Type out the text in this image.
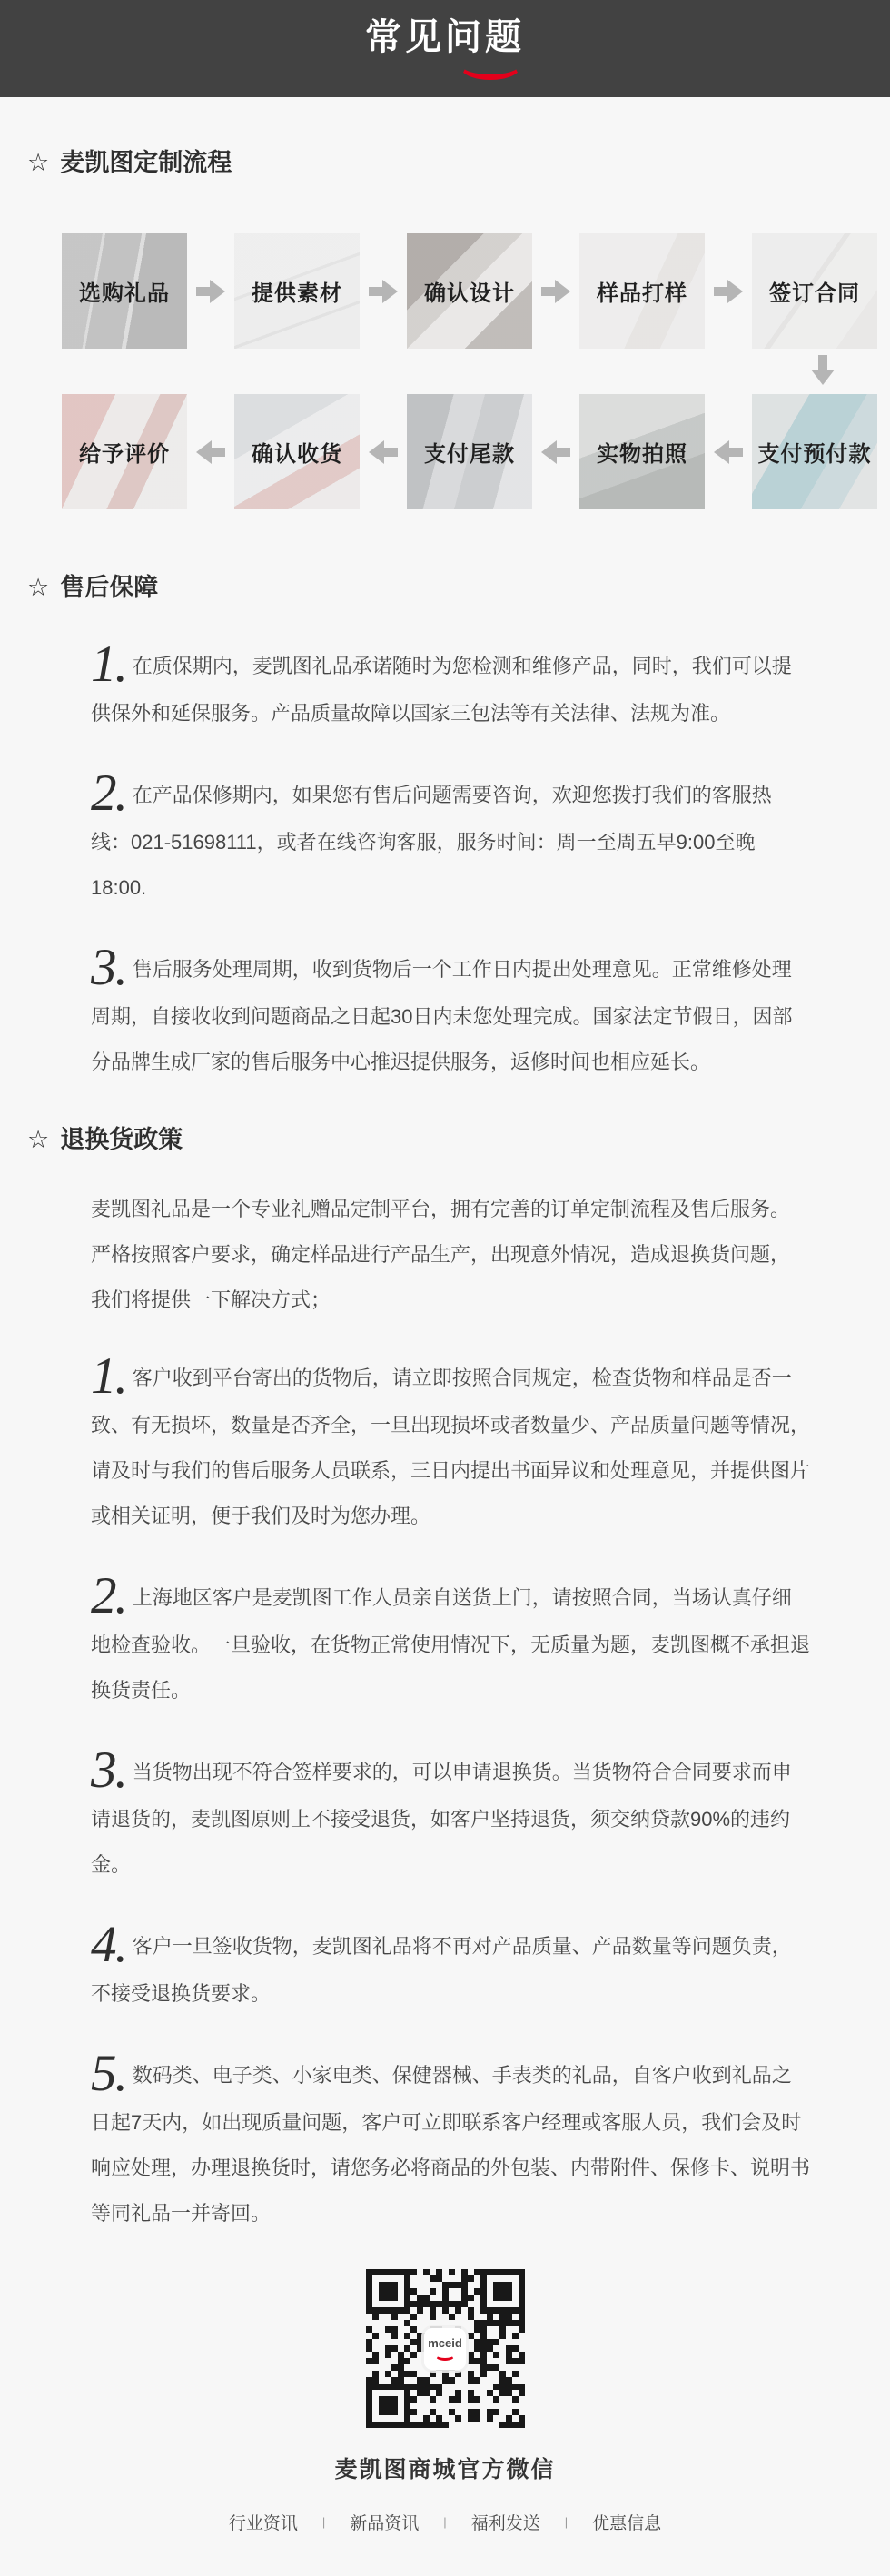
常见问题
☆ 麦凯图定制流程
选购礼品	提供素材	确认设计	样品打样	签订合同
给予评价	确认收货	支付尾款	实物拍照	支付预付款
☆ 售后保障

1. 在质保期内，麦凯图礼品承诺随时为您检测和维修产品，同时，我们可以提供保外和延保服务。产品质量故障以国家三包法等有关法律、法规为准。

2. 在产品保修期内，如果您有售后问题需要咨询，欢迎您拨打我们的客服热线：021-51698111，或者在线咨询客服，服务时间：周一至周五早9:00至晚18:00.

3. 售后服务处理周期，收到货物后一个工作日内提出处理意见。正常维修处理周期，自接收收到问题商品之日起30日内未您处理完成。国家法定节假日，因部分品牌生成厂家的售后服务中心推迟提供服务，返修时间也相应延长。

☆ 退换货政策

麦凯图礼品是一个专业礼赠品定制平台，拥有完善的订单定制流程及售后服务。严格按照客户要求，确定样品进行产品生产，出现意外情况，造成退换货问题，我们将提供一下解决方式；

1. 客户收到平台寄出的货物后，请立即按照合同规定，检查货物和样品是否一致、有无损坏，数量是否齐全，一旦出现损坏或者数量少、产品质量问题等情况，请及时与我们的售后服务人员联系，三日内提出书面异议和处理意见，并提供图片或相关证明，便于我们及时为您办理。

2. 上海地区客户是麦凯图工作人员亲自送货上门，请按照合同，当场认真仔细地检查验收。一旦验收，在货物正常使用情况下，无质量为题，麦凯图概不承担退换货责任。

3. 当货物出现不符合签样要求的，可以申请退换货。当货物符合合同要求而申请退货的，麦凯图原则上不接受退货，如客户坚持退货，须交纳贷款90%的违约金。

4. 客户一旦签收货物，麦凯图礼品将不再对产品质量、产品数量等问题负责，不接受退换货要求。

5. 数码类、电子类、小家电类、保健器械、手表类的礼品，自客户收到礼品之日起7天内，如出现质量问题，客户可立即联系客户经理或客服人员，我们会及时响应处理，办理退换货时，请您务必将商品的外包装、内带附件、保修卡、说明书等同礼品一并寄回。

mceid
麦凯图商城官方微信
行业资讯	|	新品资讯	|	福利发送	|	优惠信息
